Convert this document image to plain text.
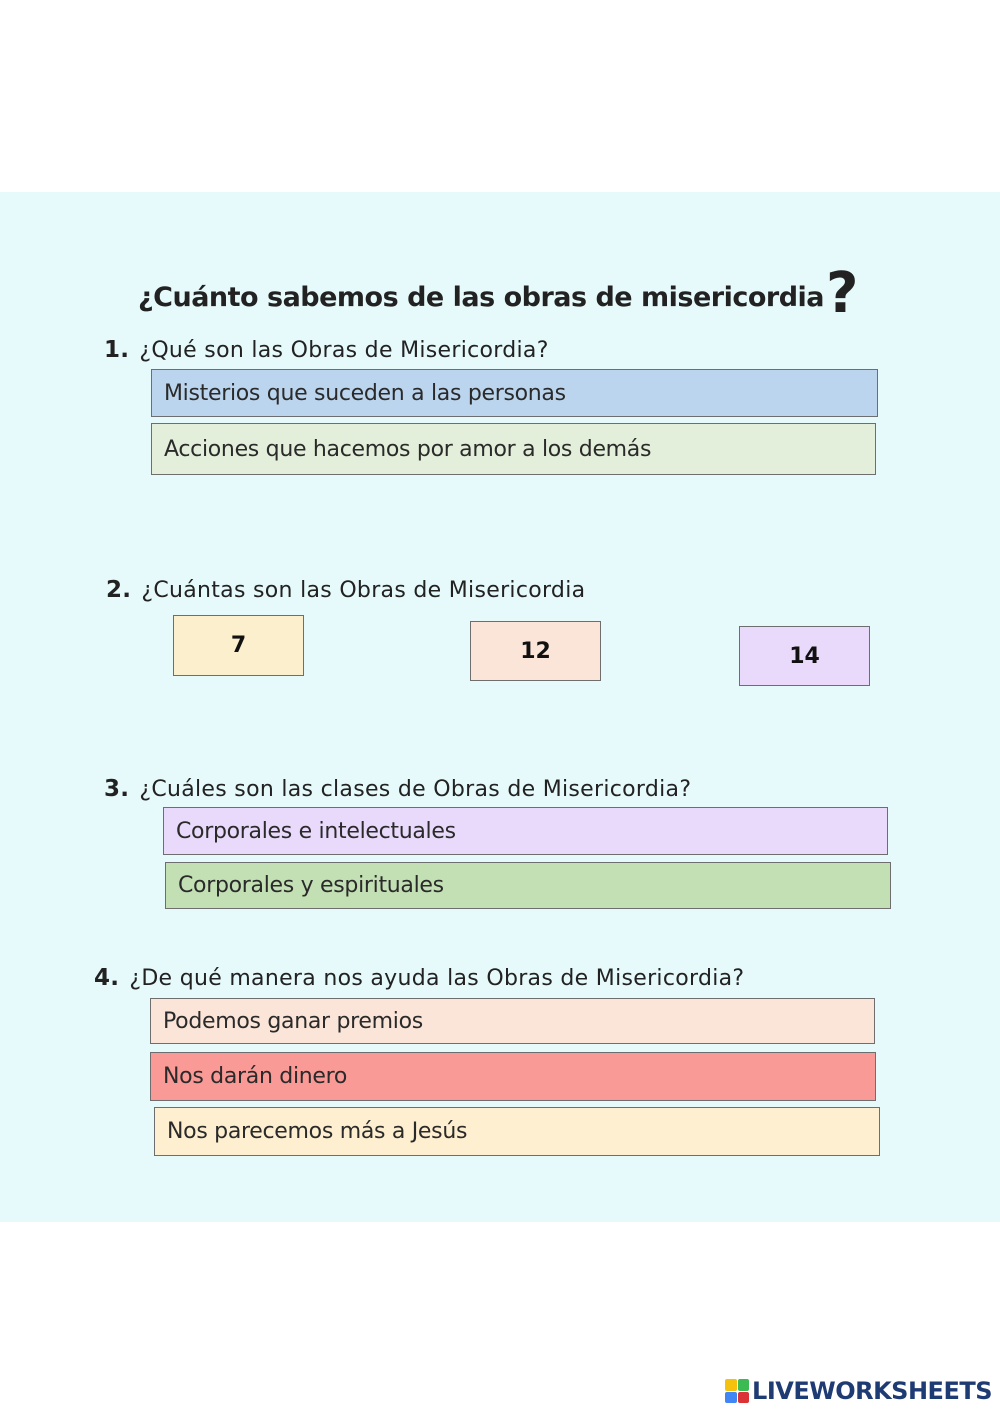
¿Cuánto sabemos de las obras de misericordia?
1. ¿Qué son las Obras de Misericordia?
Misterios que suceden a las personas
Acciones que hacemos por amor a los demás
2. ¿Cuántas son las Obras de Misericordia
7	12	14
3. ¿Cuáles son las clases de Obras de Misericordia?
Corporales e intelectuales
Corporales y espirituales
4. ¿De qué manera nos ayuda las Obras de Misericordia?
Podemos ganar premios
Nos darán dinero
Nos parecemos más a Jesús
LIVEWORKSHEETS
